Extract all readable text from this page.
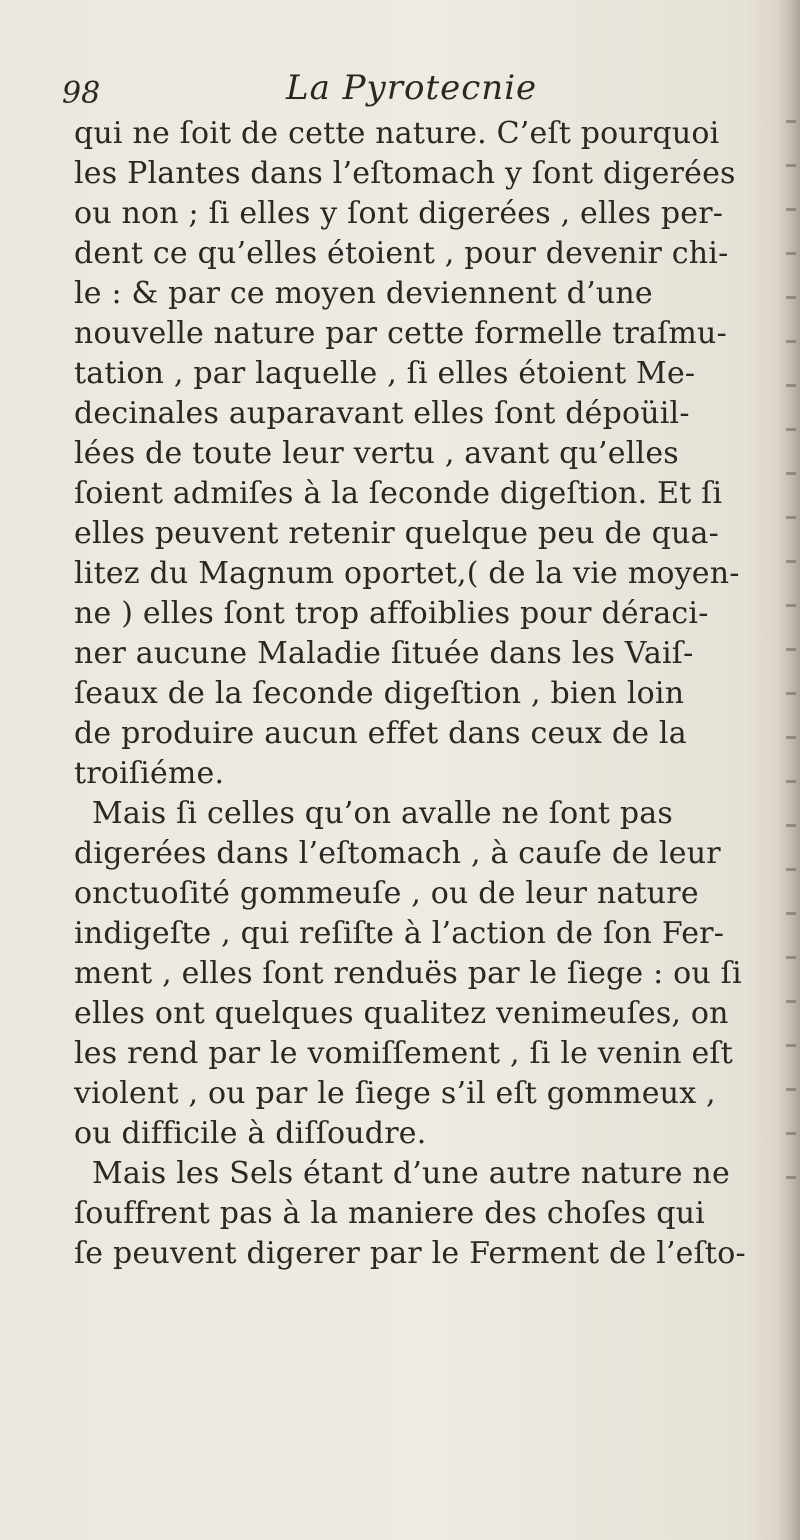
98	La Pyrotecnie
qui ne ſoit de cette nature. C’eſt pourquoi
les Plantes dans l’eſtomach y ſont digerées
ou non ; ſi elles y ſont digerées , elles per-
dent ce qu’elles étoient , pour devenir chi-
le : & par ce moyen deviennent d’une
nouvelle nature par cette formelle traſmu-
tation , par laquelle , ſi elles étoient Me-
decinales auparavant elles ſont dépoüil-
lées de toute leur vertu , avant qu’elles
ſoient admiſes à la ſeconde digeſtion. Et ſi
elles peuvent retenir quelque peu de qua-
litez du Magnum oportet,( de la vie moyen-
ne ) elles ſont trop affoiblies pour déraci-
ner aucune Maladie ſituée dans les Vaiſ-
ſeaux de la ſeconde digeſtion , bien loin
de produire aucun effet dans ceux de la
troiſiéme.
Mais ſi celles qu’on avalle ne ſont pas
digerées dans l’eſtomach , à cauſe de leur
onctuoſité gommeuſe , ou de leur nature
indigeſte , qui reſiſte à l’action de ſon Fer-
ment , elles ſont renduës par le ſiege : ou ſi
elles ont quelques qualitez venimeuſes, on
les rend par le vomiſſement , ſi le venin eſt
violent , ou par le ſiege s’il eſt gommeux ,
ou difficile à diſſoudre.
Mais les Sels étant d’une autre nature ne
ſouffrent pas à la maniere des choſes qui
ſe peuvent digerer par le Ferment de l’eſto-
